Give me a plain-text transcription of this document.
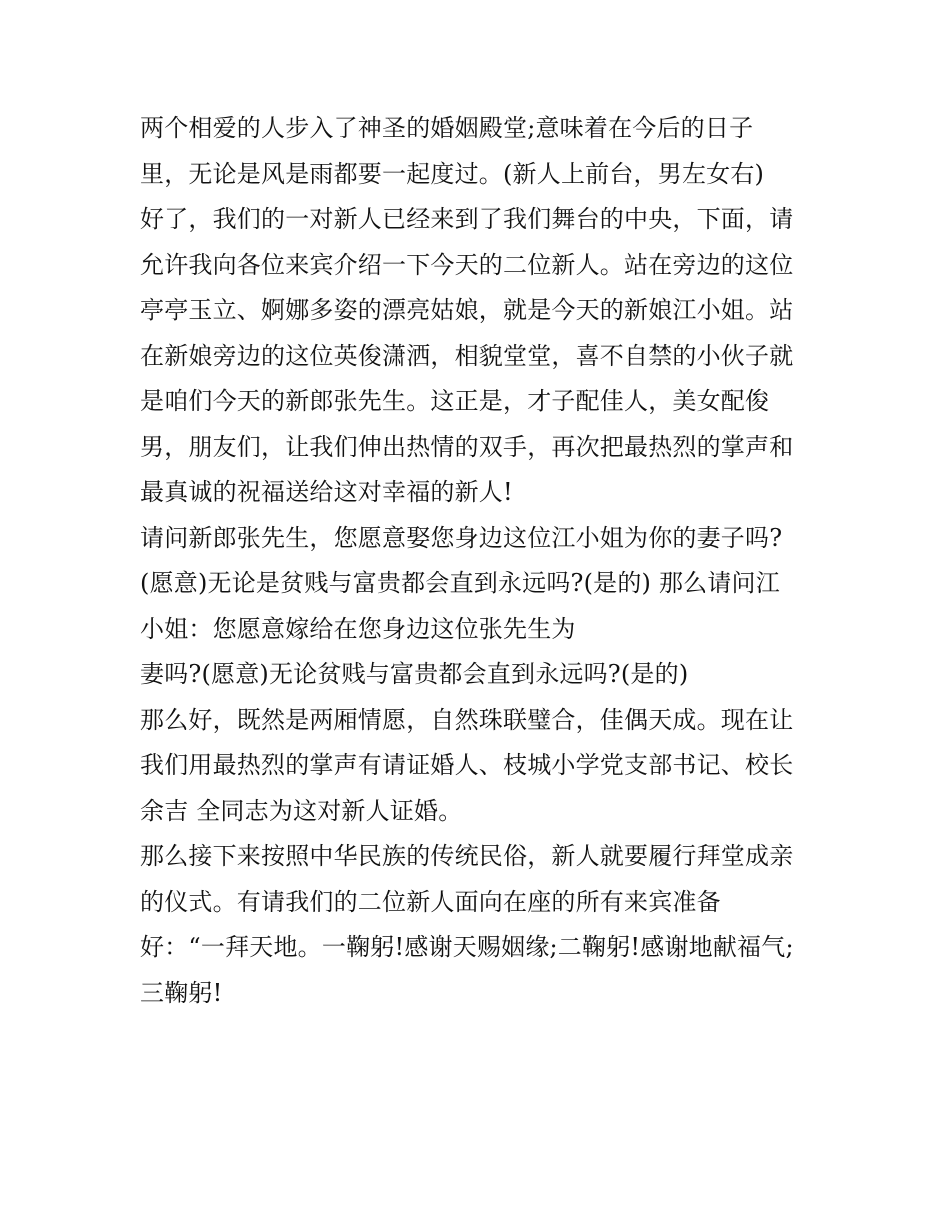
两个相爱的人步入了神圣的婚姻殿堂;意味着在今后的日子
里，无论是风是雨都要一起度过。(新人上前台，男左女右)
好了，我们的一对新人已经来到了我们舞台的中央，下面，请
允许我向各位来宾介绍一下今天的二位新人。站在旁边的这位
亭亭玉立、婀娜多姿的漂亮姑娘，就是今天的新娘江小姐。站
在新娘旁边的这位英俊潇洒，相貌堂堂，喜不自禁的小伙子就
是咱们今天的新郎张先生。这正是，才子配佳人，美女配俊
男，朋友们，让我们伸出热情的双手，再次把最热烈的掌声和
最真诚的祝福送给这对幸福的新人!
请问新郎张先生，您愿意娶您身边这位江小姐为你的妻子吗?
(愿意)无论是贫贱与富贵都会直到永远吗?(是的) 那么请问江
小姐：您愿意嫁给在您身边这位张先生为
妻吗?(愿意)无论贫贱与富贵都会直到永远吗?(是的)
那么好，既然是两厢情愿，自然珠联璧合，佳偶天成。现在让
我们用最热烈的掌声有请证婚人、枝城小学党支部书记、校长
余吉 全同志为这对新人证婚。
那么接下来按照中华民族的传统民俗，新人就要履行拜堂成亲
的仪式。有请我们的二位新人面向在座的所有来宾准备
好：“一拜天地。一鞠躬!感谢天赐姻缘;二鞠躬!感谢地献福气;
三鞠躬!
